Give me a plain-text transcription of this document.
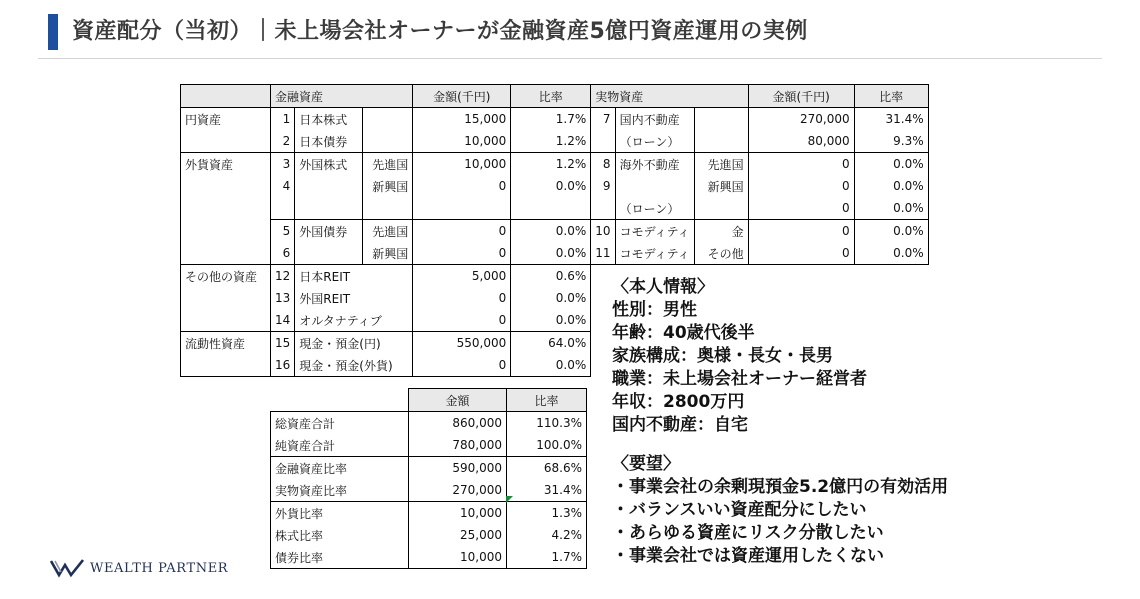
資産配分（当初）｜未上場会社オーナーが金融資産5億円資産運用の実例
	金融資産			金額(千円)	比率	実物資産			金額(千円)	比率
円資産	1	日本株式		15,000	1.7%	7	国内不動産		270,000	31.4%
	2	日本債券		10,000	1.2%		（ローン）		80,000	9.3%
外貨資産	3	外国株式	先進国	10,000	1.2%	8	海外不動産	先進国	0	0.0%
	4		新興国	0	0.0%	9		新興国	0	0.0%
							（ローン）		0	0.0%
	5	外国債券	先進国	0	0.0%	10	コモディティ	金	0	0.0%
	6		新興国	0	0.0%	11	コモディティ	その他	0	0.0%
その他の資産	12	日本REIT		5,000	0.6%					
	13	外国REIT		0	0.0%					
	14	オルタナティブ		0	0.0%					
流動性資産	15	現金・預金(円)		550,000	64.0%					
	16	現金・預金(外貨)		0	0.0%					
	金額	比率
総資産合計	860,000	110.3%
純資産合計	780,000	100.0%
金融資産比率	590,000	68.6%
実物資産比率	270,000	31.4%
外貨比率	10,000	1.3%
株式比率	25,000	4.2%
債券比率	10,000	1.7%
〈本人情報〉
性別：男性
年齢：40歳代後半
家族構成：奥様・長女・長男
職業：未上場会社オーナー経営者
年収：2800万円
国内不動産：自宅
〈要望〉
・事業会社の余剰現預金5.2億円の有効活用
・バランスいい資産配分にしたい
・あらゆる資産にリスク分散したい
・事業会社では資産運用したくない
WEALTH PARTNER
